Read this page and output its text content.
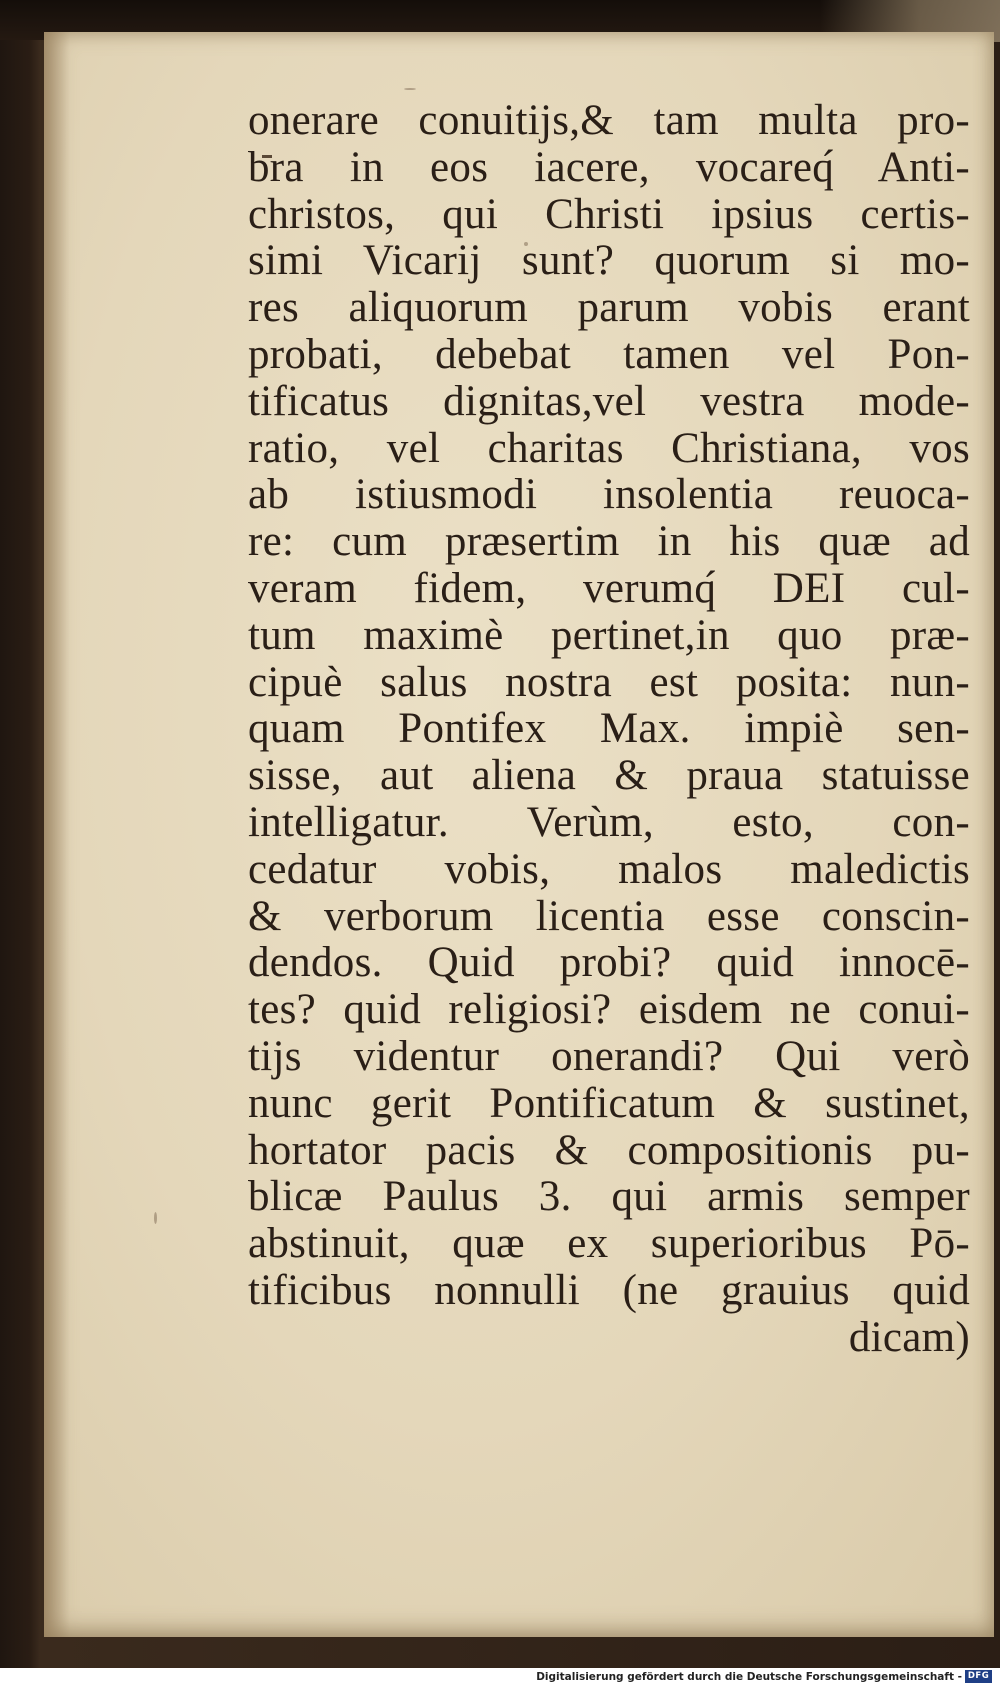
onerare conuitijs,& tam multa pro-
bra in eos iacere, vocareq́ Anti-
christos, qui Christi ipsius certis-
simi Vicarij sunt? quorum si mo-
res aliquorum parum vobis erant
probati, debebat tamen vel Pon-
tificatus dignitas,vel vestra mode-
ratio, vel charitas Christiana, vos
ab istiusmodi insolentia reuoca-
re: cum præsertim in his quæ ad
veram fidem, verumq́ DEI cul-
tum maximè pertinet,in quo præ-
cipuè salus nostra est posita: nun-
quam Pontifex Max. impiè sen-
sisse, aut aliena & praua statuisse
intelligatur. Verùm, esto, con-
cedatur vobis, malos maledictis
& verborum licentia esse conscin-
dendos. Quid probi? quid innocē-
tes? quid religiosi? eisdem ne conui-
tijs videntur onerandi? Qui verò
nunc gerit Pontificatum & sustinet,
hortator pacis & compositionis pu-
blicæ Paulus 3. qui armis semper
abstinuit, quæ ex superioribus Pō-
tificibus nonnulli (ne grauius quid
dicam)
Digitalisierung gefördert durch die Deutsche Forschungsgemeinschaft - DFG
